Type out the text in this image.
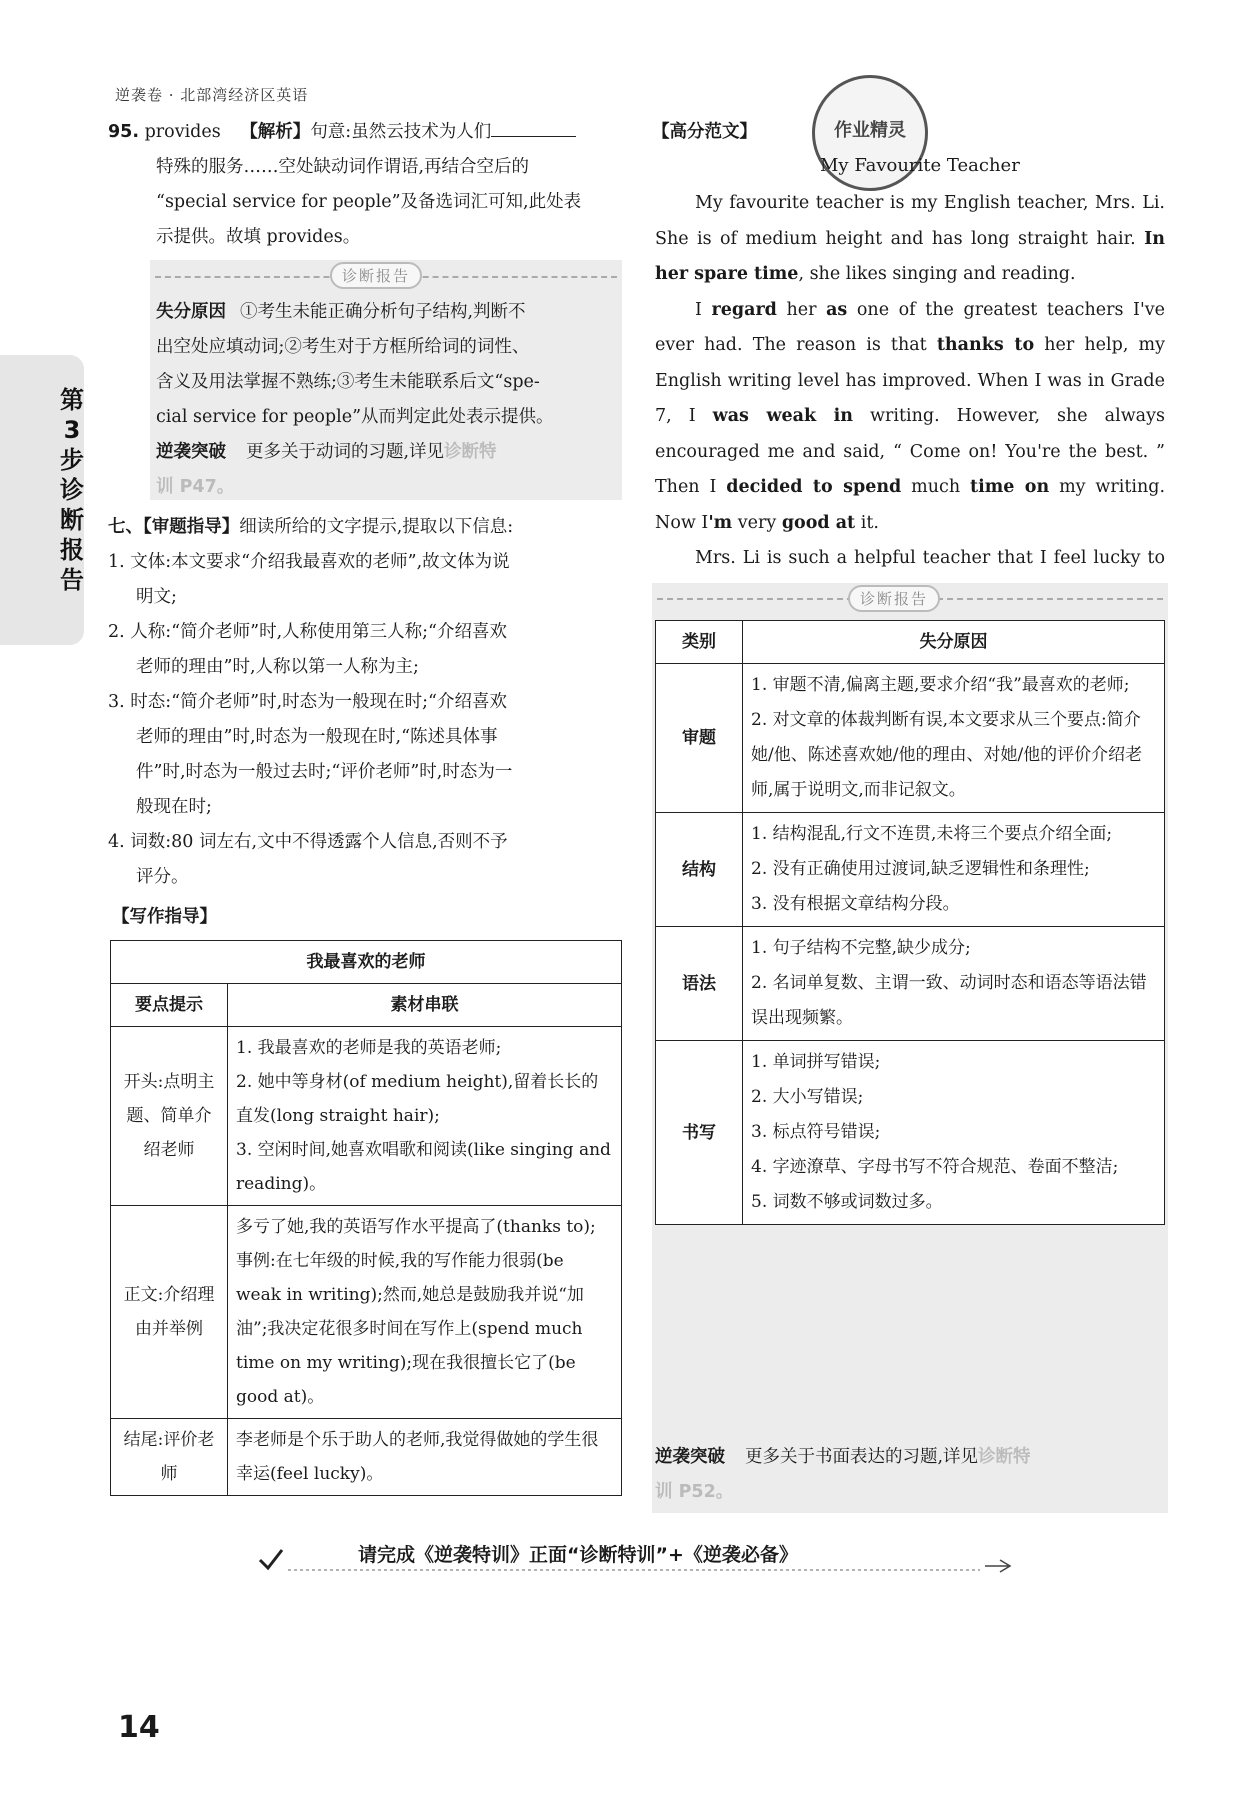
逆袭卷 · 北部湾经济区英语
第3步 诊断报告
95. provides 【解析】句意:虽然云技术为人们
特殊的服务……空处缺动词作谓语,再结合空后的
“special service for people”及备选词汇可知,此处表
示提供。故填 provides。
诊断报告
失分原因 ①考生未能正确分析句子结构,判断不
出空处应填动词;②考生对于方框所给词的词性、
含义及用法掌握不熟练;③考生未能联系后文“spe-
cial service for people”从而判定此处表示提供。
逆袭突破 更多关于动词的习题,详见诊断特
训 P47。
七、【审题指导】细读所给的文字提示,提取以下信息:
1. 文体:本文要求“介绍我最喜欢的老师”,故文体为说
明文;
2. 人称:“简介老师”时,人称使用第三人称;“介绍喜欢
老师的理由”时,人称以第一人称为主;
3. 时态:“简介老师”时,时态为一般现在时;“介绍喜欢
老师的理由”时,时态为一般现在时,“陈述具体事
件”时,时态为一般过去时;“评价老师”时,时态为一
般现在时;
4. 词数:80 词左右,文中不得透露个人信息,否则不予
评分。
【写作指导】
我最喜欢的老师	
要点提示	素材串联
开头:点明主题、简单介绍老师	1. 我最喜欢的老师是我的英语老师;
2. 她中等身材(of medium height),留着长长的直发(long straight hair);
3. 空闲时间,她喜欢唱歌和阅读(like singing and reading)。

正文:介绍理由并举例	多亏了她,我的英语写作水平提高了(thanks to);
事例:在七年级的时候,我的写作能力很弱(be weak in writing);然而,她总是鼓励我并说“加油”;我决定花很多时间在写作上(spend much time on my writing);现在我很擅长它了(be good at)。

结尾:评价老师	李老师是个乐于助人的老师,我觉得做她的学生很幸运(feel lucky)。
作业精灵
【高分范文】
My Favourite Teacher

My favourite teacher is my English teacher, Mrs. Li. She is of medium height and has long straight hair. In her spare time, she likes singing and reading.

I regard her as one of the greatest teachers I've ever had. The reason is that thanks to her help, my English writing level has improved. When I was in Grade 7, I was weak in writing. However, she always encouraged me and said, “ Come on! You're the best. ” Then I decided to spend much time on my writing. Now I'm very good at it.

Mrs. Li is such a helpful teacher that I feel lucky to

诊断报告
类别	失分原因
审题	1. 审题不清,偏离主题,要求介绍“我”最喜欢的老师;
2. 对文章的体裁判断有误,本文要求从三个要点:简介她/他、陈述喜欢她/他的理由、对她/他的评价介绍老师,属于说明文,而非记叙文。

结构	1. 结构混乱,行文不连贯,未将三个要点介绍全面;
2. 没有正确使用过渡词,缺乏逻辑性和条理性;
3. 没有根据文章结构分段。

语法	1. 句子结构不完整,缺少成分;
2. 名词单复数、主谓一致、动词时态和语态等语法错误出现频繁。

书写	1. 单词拼写错误;
2. 大小写错误;
3. 标点符号错误;
4. 字迹潦草、字母书写不符合规范、卷面不整洁;
5. 词数不够或词数过多。
逆袭突破 更多关于书面表达的习题,详见诊断特
训 P52。
请完成《逆袭特训》正面“诊断特训”+《逆袭必备》
14
